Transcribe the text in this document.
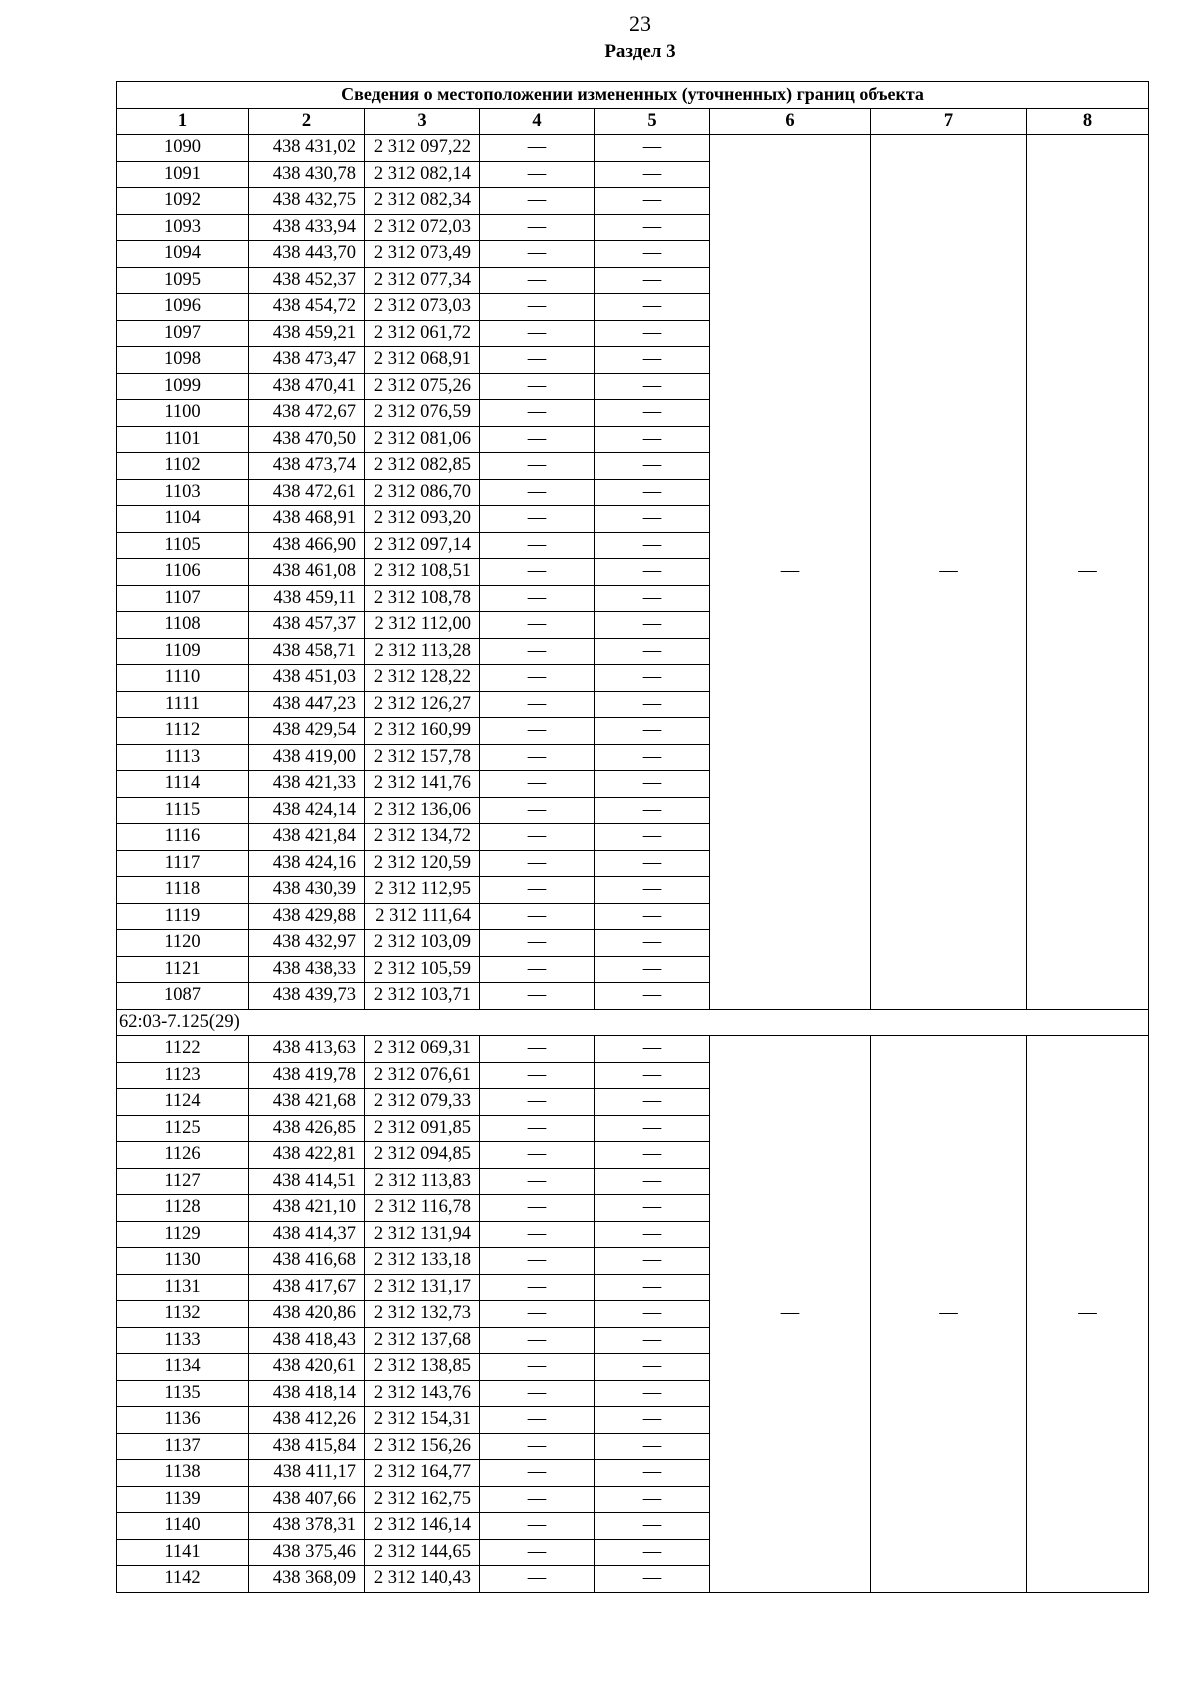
23
Раздел 3
Сведения о местоположении измененных (уточненных) границ объекта							
1	2	3	4	5	6	7	8
1090	438 431,02	2 312 097,22	—	—	—	—	—
1091	438 430,78	2 312 082,14	—	—			
1092	438 432,75	2 312 082,34	—	—			
1093	438 433,94	2 312 072,03	—	—			
1094	438 443,70	2 312 073,49	—	—			
1095	438 452,37	2 312 077,34	—	—			
1096	438 454,72	2 312 073,03	—	—			
1097	438 459,21	2 312 061,72	—	—			
1098	438 473,47	2 312 068,91	—	—			
1099	438 470,41	2 312 075,26	—	—			
1100	438 472,67	2 312 076,59	—	—			
1101	438 470,50	2 312 081,06	—	—			
1102	438 473,74	2 312 082,85	—	—			
1103	438 472,61	2 312 086,70	—	—			
1104	438 468,91	2 312 093,20	—	—			
1105	438 466,90	2 312 097,14	—	—			
1106	438 461,08	2 312 108,51	—	—			
1107	438 459,11	2 312 108,78	—	—			
1108	438 457,37	2 312 112,00	—	—			
1109	438 458,71	2 312 113,28	—	—			
1110	438 451,03	2 312 128,22	—	—			
1111	438 447,23	2 312 126,27	—	—			
1112	438 429,54	2 312 160,99	—	—			
1113	438 419,00	2 312 157,78	—	—			
1114	438 421,33	2 312 141,76	—	—			
1115	438 424,14	2 312 136,06	—	—			
1116	438 421,84	2 312 134,72	—	—			
1117	438 424,16	2 312 120,59	—	—			
1118	438 430,39	2 312 112,95	—	—			
1119	438 429,88	2 312 111,64	—	—			
1120	438 432,97	2 312 103,09	—	—			
1121	438 438,33	2 312 105,59	—	—			
1087	438 439,73	2 312 103,71	—	—			
62:03-7.125(29)							
1122	438 413,63	2 312 069,31	—	—	—	—	—
1123	438 419,78	2 312 076,61	—	—			
1124	438 421,68	2 312 079,33	—	—			
1125	438 426,85	2 312 091,85	—	—			
1126	438 422,81	2 312 094,85	—	—			
1127	438 414,51	2 312 113,83	—	—			
1128	438 421,10	2 312 116,78	—	—			
1129	438 414,37	2 312 131,94	—	—			
1130	438 416,68	2 312 133,18	—	—			
1131	438 417,67	2 312 131,17	—	—			
1132	438 420,86	2 312 132,73	—	—			
1133	438 418,43	2 312 137,68	—	—			
1134	438 420,61	2 312 138,85	—	—			
1135	438 418,14	2 312 143,76	—	—			
1136	438 412,26	2 312 154,31	—	—			
1137	438 415,84	2 312 156,26	—	—			
1138	438 411,17	2 312 164,77	—	—			
1139	438 407,66	2 312 162,75	—	—			
1140	438 378,31	2 312 146,14	—	—			
1141	438 375,46	2 312 144,65	—	—			
1142	438 368,09	2 312 140,43	—	—			
